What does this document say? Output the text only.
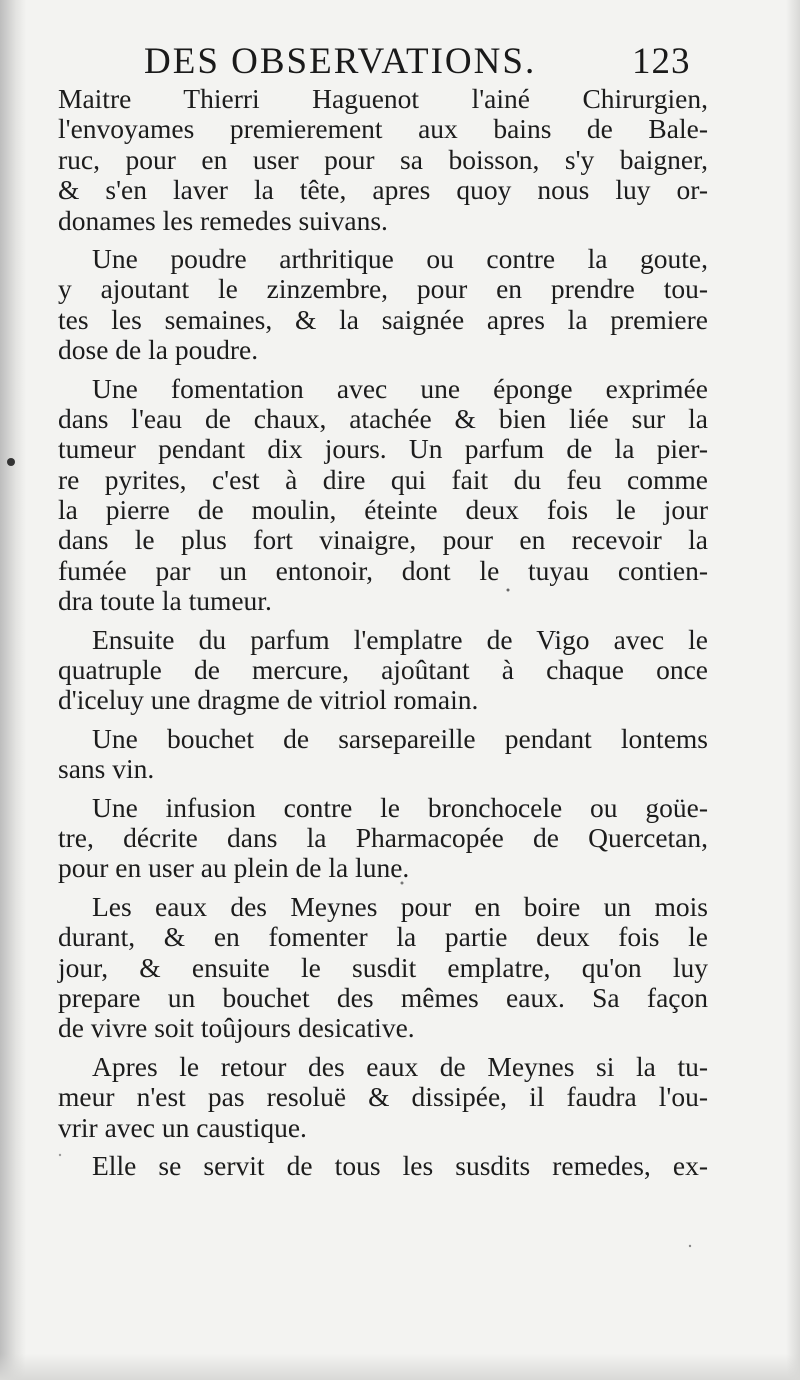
DES OBSERVATIONS.	123
Maitre Thierri Haguenot l'ainé Chirurgien,
l'envoyames premierement aux bains de Bale-
ruc, pour en user pour sa boisson, s'y baigner,
& s'en laver la tête, apres quoy nous luy or-
donames les remedes suivans.
Une poudre arthritique ou contre la goute,
y ajoutant le zinzembre, pour en prendre tou-
tes les semaines, & la saignée apres la premiere
dose de la poudre.
Une fomentation avec une éponge exprimée
dans l'eau de chaux, atachée & bien liée sur la
tumeur pendant dix jours. Un parfum de la pier-
re pyrites, c'est à dire qui fait du feu comme
la pierre de moulin, éteinte deux fois le jour
dans le plus fort vinaigre, pour en recevoir la
fumée par un entonoir, dont le tuyau contien-
dra toute la tumeur.
Ensuite du parfum l'emplatre de Vigo avec le
quatruple de mercure, ajoûtant à chaque once
d'iceluy une dragme de vitriol romain.
Une bouchet de sarsepareille pendant lontems
sans vin.
Une infusion contre le bronchocele ou goüe-
tre, décrite dans la Pharmacopée de Quercetan,
pour en user au plein de la lune.
Les eaux des Meynes pour en boire un mois
durant, & en fomenter la partie deux fois le
jour, & ensuite le susdit emplatre, qu'on luy
prepare un bouchet des mêmes eaux. Sa façon
de vivre soit toûjours desicative.
Apres le retour des eaux de Meynes si la tu-
meur n'est pas resoluë & dissipée, il faudra l'ou-
vrir avec un caustique.
Elle se servit de tous les susdits remedes, ex-
